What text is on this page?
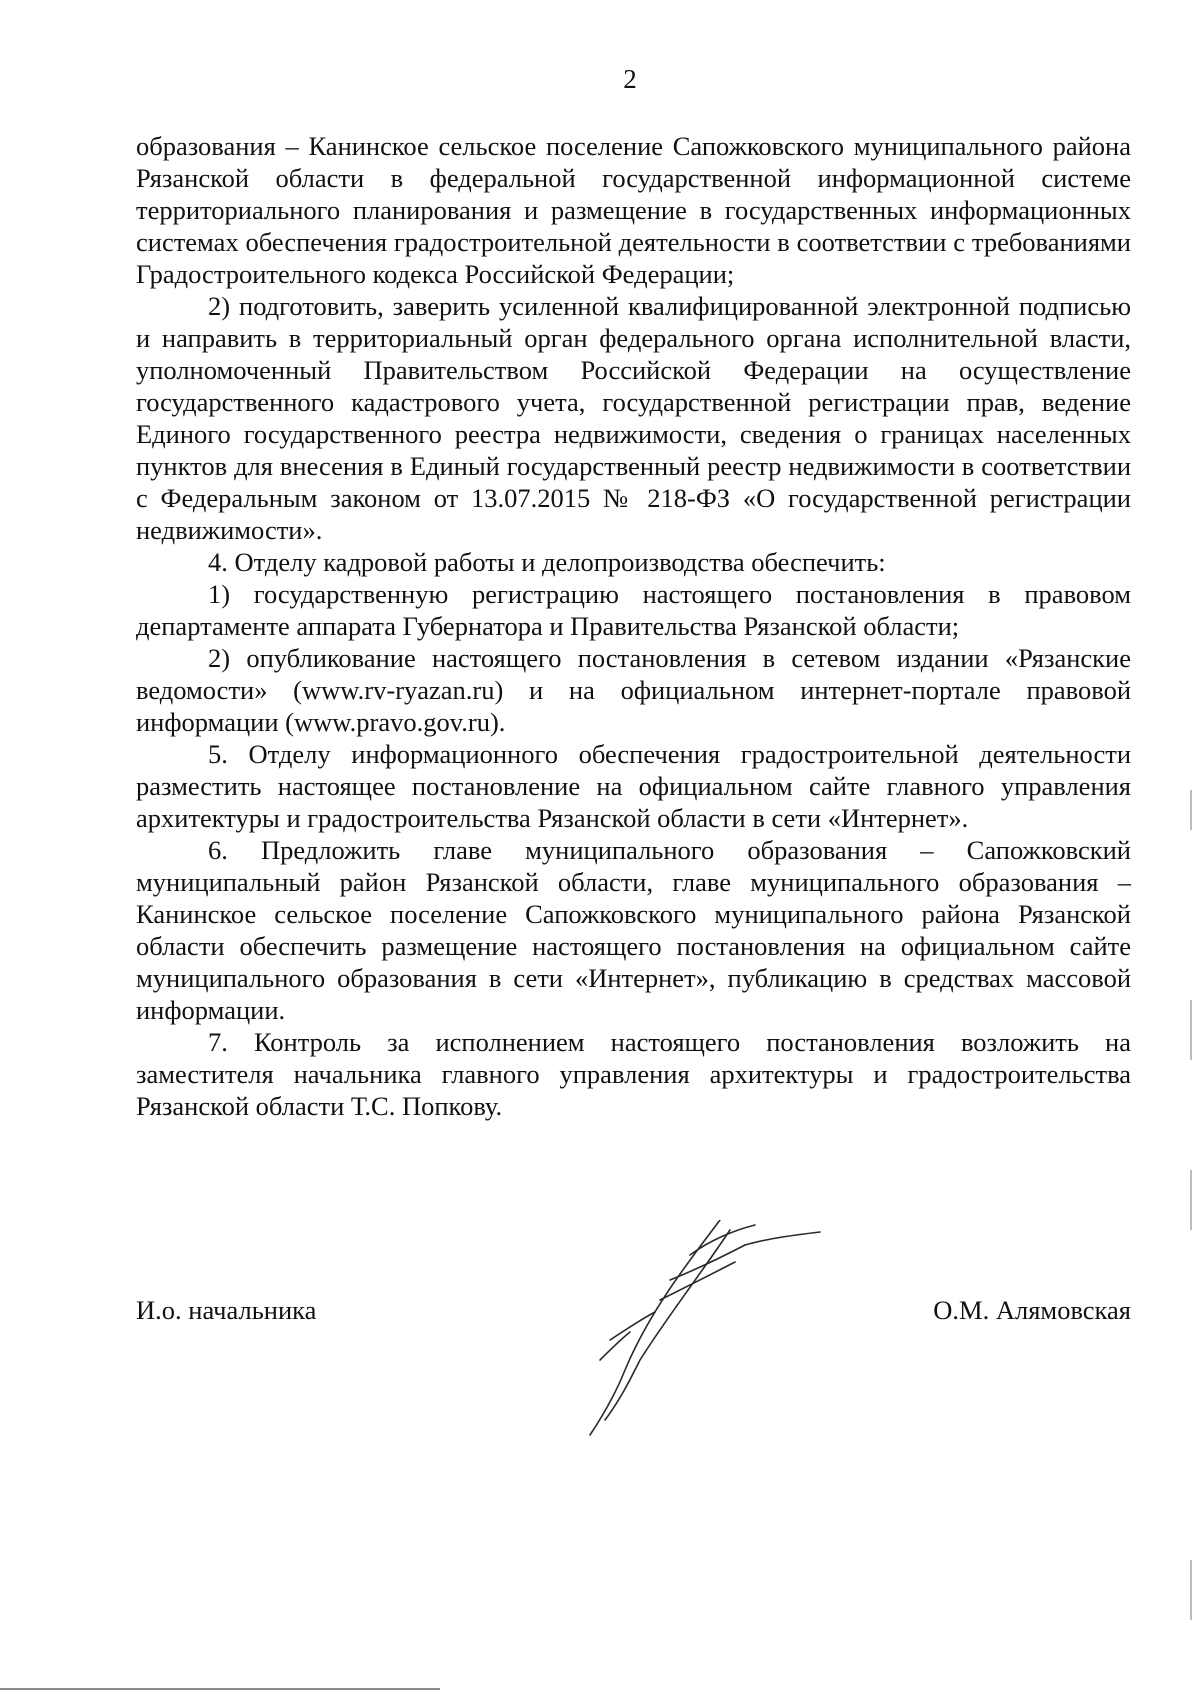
2

образования – Канинское сельское поселение Сапожковского муниципального района Рязанской области в федеральной государственной информационной системе территориального планирования и размещение в государственных информационных системах обеспечения градостроительной деятельности в соответствии с требованиями Градостроительного кодекса Российской Федерации;

2) подготовить, заверить усиленной квалифицированной электронной подписью и направить в территориальный орган федерального органа исполнительной власти, уполномоченный Правительством Российской Федерации на осуществление государственного кадастрового учета, государственной регистрации прав, ведение Единого государственного реестра недвижимости, сведения о границах населенных пунктов для внесения в Единый государственный реестр недвижимости в соответствии с Федеральным законом от 13.07.2015 № 218-ФЗ «О государственной регистрации недвижимости».

4. Отделу кадровой работы и делопроизводства обеспечить:

1) государственную регистрацию настоящего постановления в правовом департаменте аппарата Губернатора и Правительства Рязанской области;

2) опубликование настоящего постановления в сетевом издании «Рязанские ведомости» (www.rv-ryazan.ru) и на официальном интернет-портале правовой информации (www.pravo.gov.ru).

5. Отделу информационного обеспечения градостроительной деятельности разместить настоящее постановление на официальном сайте главного управления архитектуры и градостроительства Рязанской области в сети «Интернет».

6. Предложить главе муниципального образования – Сапожковский муниципальный район Рязанской области, главе муниципального образования – Канинское сельское поселение Сапожковского муниципального района Рязанской области обеспечить размещение настоящего постановления на официальном сайте муниципального образования в сети «Интернет», публикацию в средствах массовой информации.

7. Контроль за исполнением настоящего постановления возложить на заместителя начальника главного управления архитектуры и градостроительства Рязанской области Т.С. Попкову.

И.о. начальника	О.М. Алямовская
